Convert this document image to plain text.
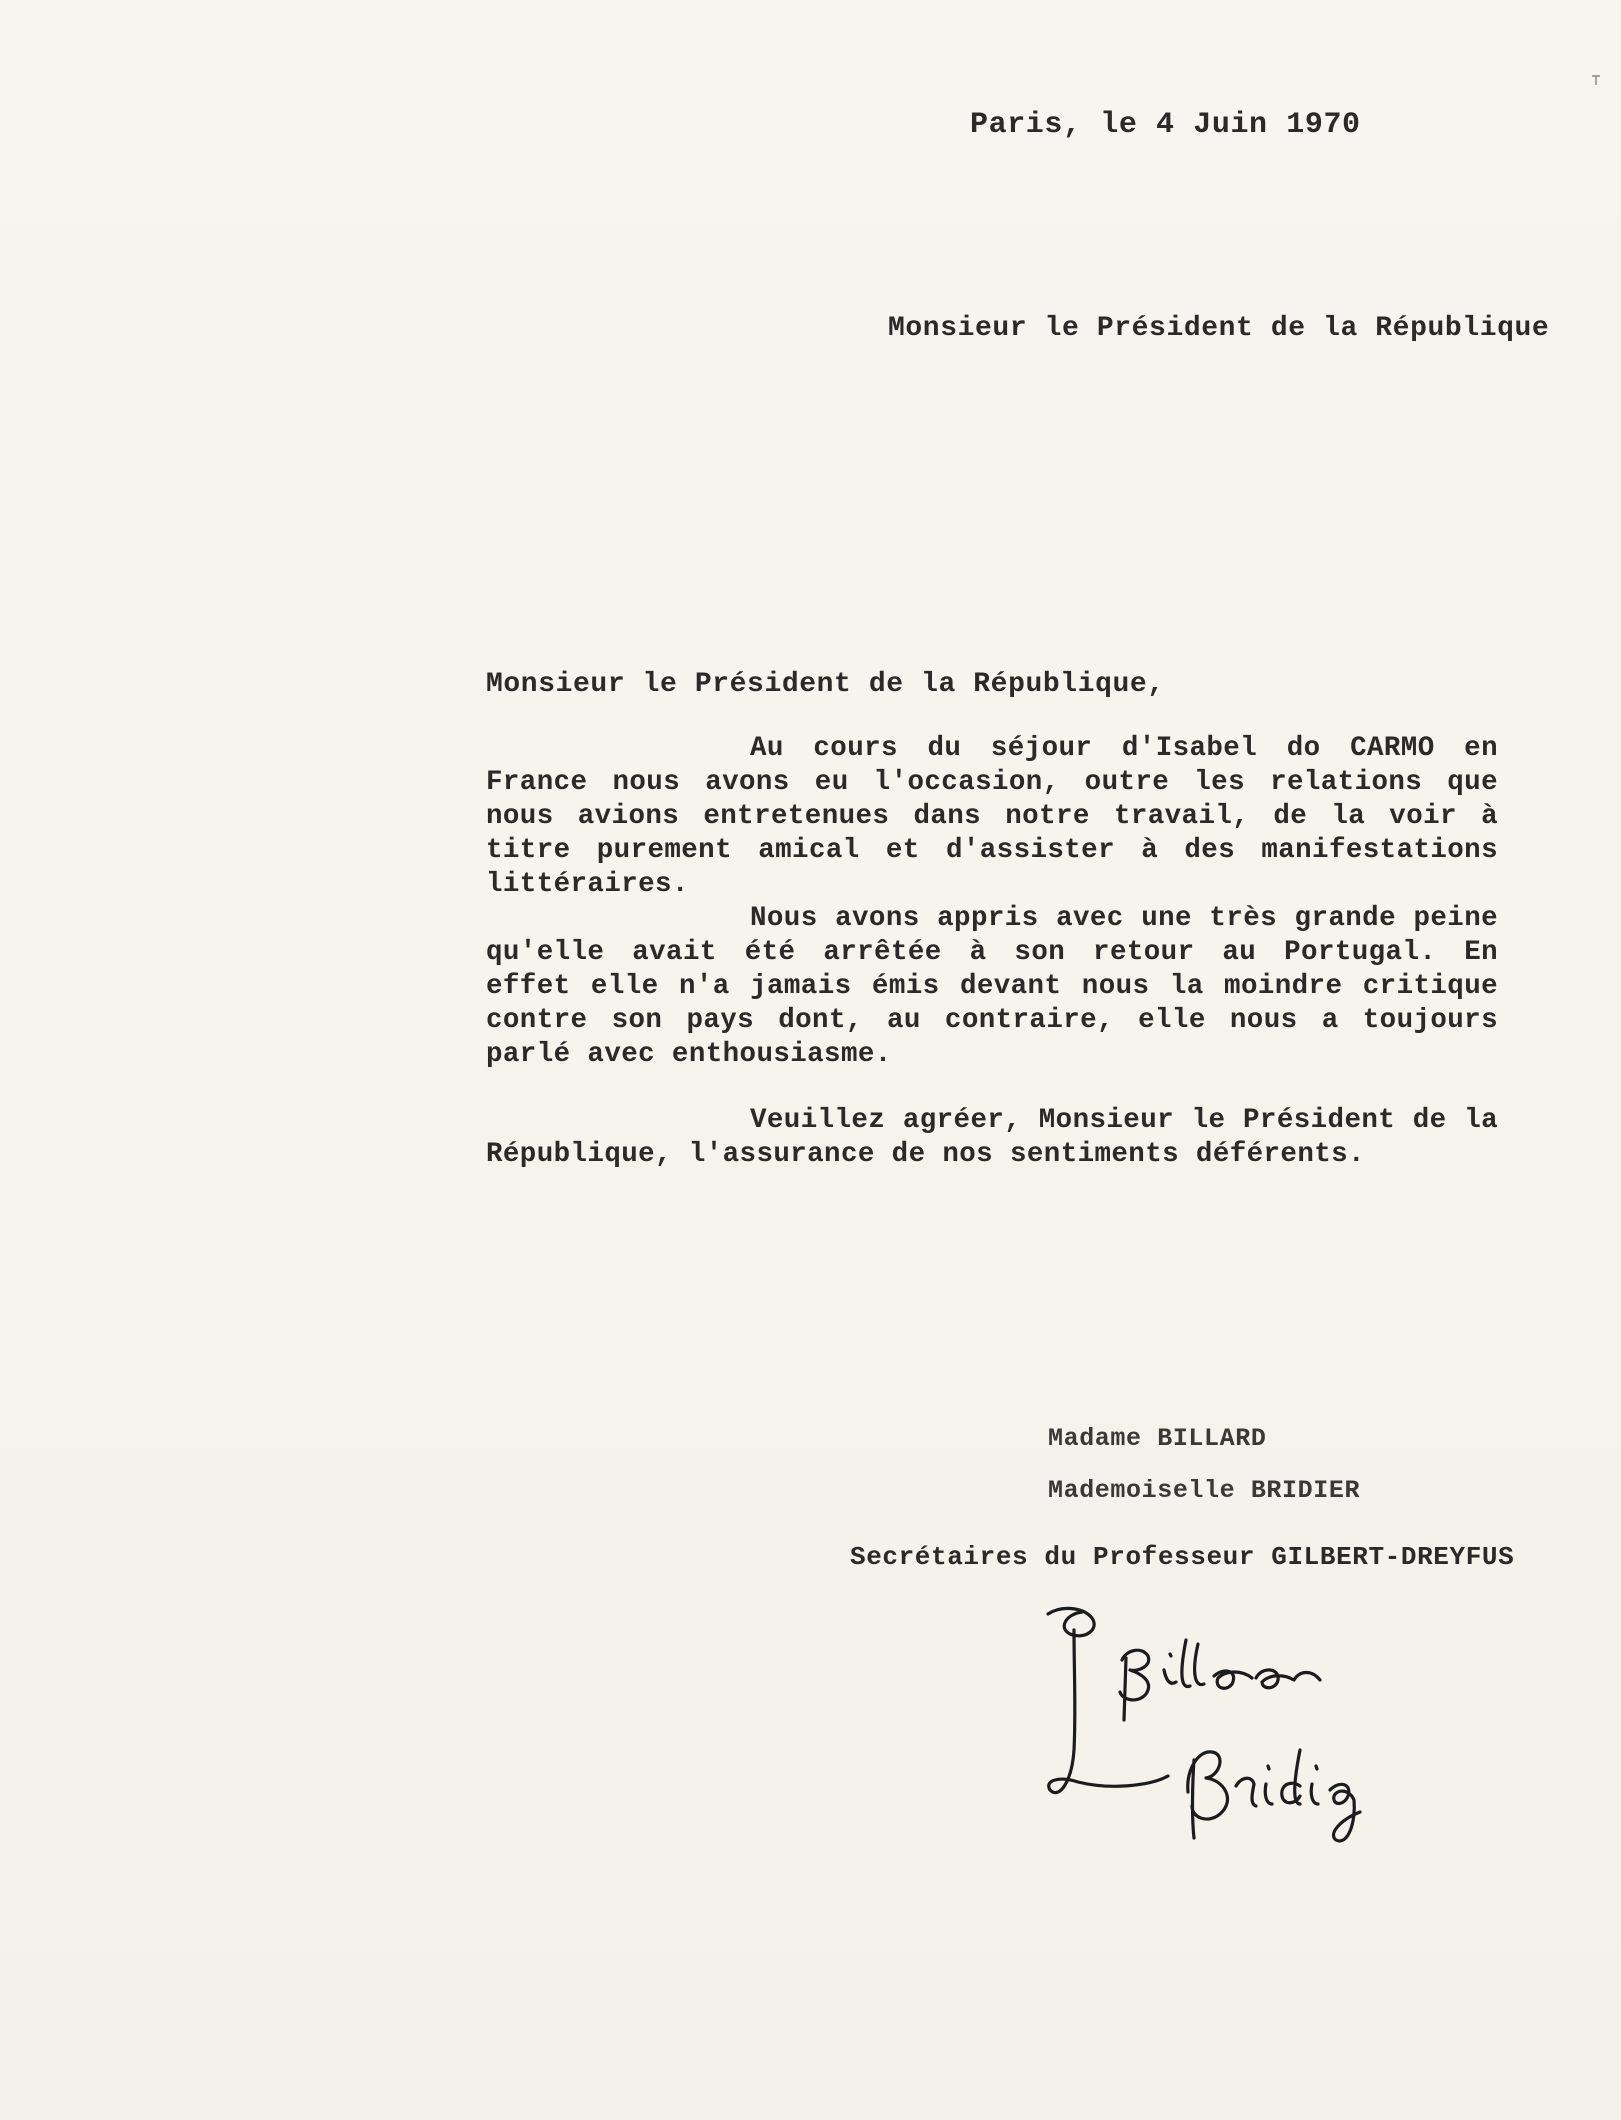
Paris, le 4 Juin 1970
Monsieur le Président de la République
Monsieur le Président de la République,

Au cours du séjour d'Isabel do CARMO en France nous avons eu l'occasion, outre les relations que nous avions entretenues dans notre travail, de la voir à titre purement amical et d'assister à des manifestations littéraires.

Nous avons appris avec une très grande peine qu'elle avait été arrêtée à son retour au Portugal. En effet elle n'a jamais émis devant nous la moindre critique contre son pays dont, au contraire, elle nous a toujours parlé avec enthousiasme.

Veuillez agréer, Monsieur le Président de la République, l'assurance de nos sentiments déférents.

Madame BILLARD
Mademoiselle BRIDIER
Secrétaires du Professeur GILBERT-DREYFUS
